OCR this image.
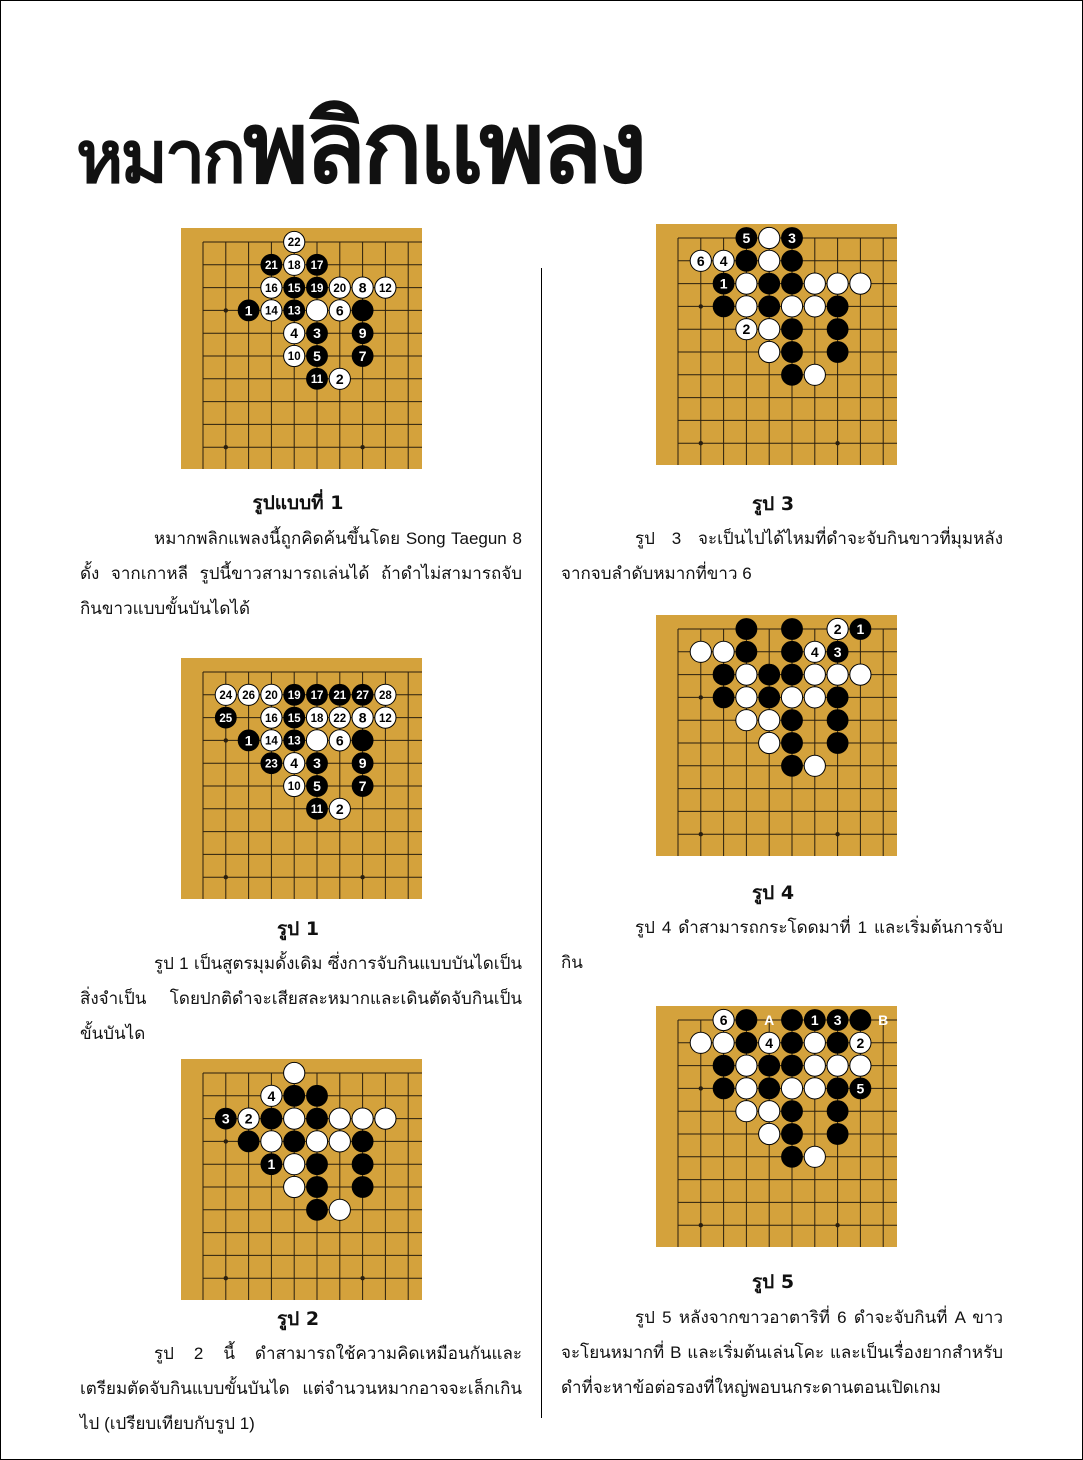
หมากพลิกแพลง
22
21 18 17
16 15 19 20 8 12
1 14 13	6
4 3	9
10 5	7
11 2
รูปแบบที่ 1

หมากพลิกแพลงนี้ถูกคิดค้นขึ้นโดย Song Taegun 8 ดั้ง จากเกาหลี รูปนี้ขาวสามารถเล่นได้ ถ้าดำไม่สามารถจับกินขาวแบบขั้นบันไดได้

24 26 20 19 17 21 27 28
25	16 15 18 22 8 12
1 14 13	6
23 4 3	9
10 5	7
11 2
รูป 1

รูป 1 เป็นสูตรมุมดั้งเดิม ซึ่งการจับกินแบบบันไดเป็นสิ่งจำเป็น โดยปกติดำจะเสียสละหมากและเดินตัดจับกินเป็นขั้นบันได

4
3 2
1
รูป 2

รูป 2 นี้ ดำสามารถใช้ความคิดเหมือนกันและเตรียมตัดจับกินแบบขั้นบันได แต่จำนวนหมากอาจจะเล็กเกินไป (เปรียบเทียบกับรูป 1)

5	3
6 4
1
2
รูป 3

รูป 3 จะเป็นไปได้ไหมที่ดำจะจับกินขาวที่มุมหลังจากจบลำดับหมากที่ขาว 6

2 1
4 3
รูป 4

รูป 4 ดำสามารถกระโดดมาที่ 1 และเริ่มต้นการจับกิน

6	1 3
4	2
5
A	B
รูป 5

รูป 5 หลังจากขาวอาตาริที่ 6 ดำจะจับกินที่ A ขาวจะโยนหมากที่ B และเริ่มต้นเล่นโคะ และเป็นเรื่องยากสำหรับดำที่จะหาข้อต่อรองที่ใหญ่พอบนกระดานตอนเปิดเกม
